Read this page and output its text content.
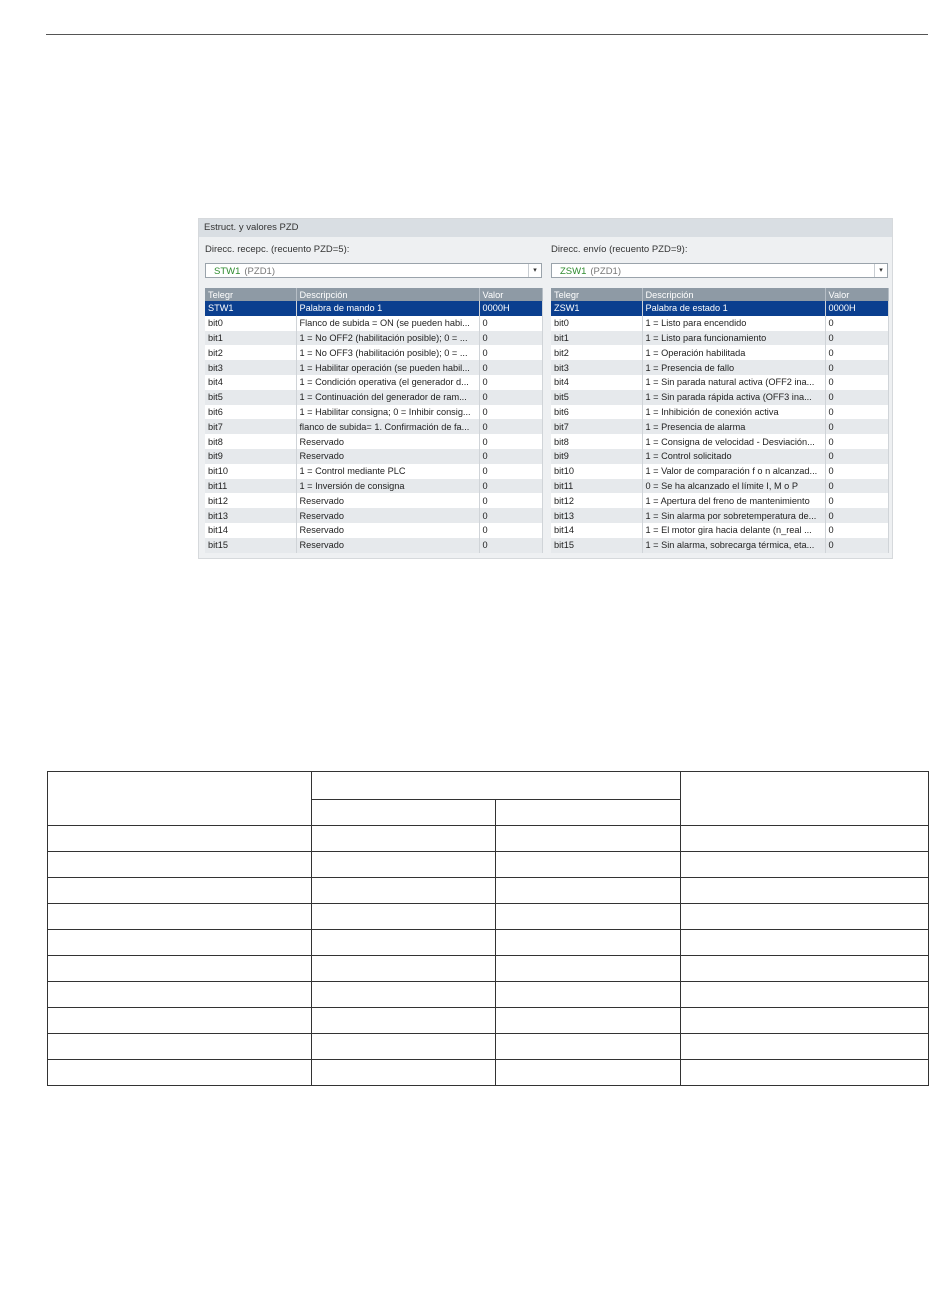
Estruct. y valores PZD
Direcc. recepc. (recuento PZD=5):
STW1 (PZD1)	▾
Telegr	Descripción	Valor
STW1	Palabra de mando 1	0000H
bit0	Flanco de subida = ON (se pueden habi...	0
bit1	1 = No OFF2 (habilitación posible); 0 = ...	0
bit2	1 = No OFF3 (habilitación posible); 0 = ...	0
bit3	1 = Habilitar operación (se pueden habil...	0
bit4	1 = Condición operativa (el generador d...	0
bit5	1 = Continuación del generador de ram...	0
bit6	1 = Habilitar consigna; 0 = Inhibir consig...	0
bit7	flanco de subida= 1. Confirmación de fa...	0
bit8	Reservado	0
bit9	Reservado	0
bit10	1 = Control mediante PLC	0
bit11	1 = Inversión de consigna	0
bit12	Reservado	0
bit13	Reservado	0
bit14	Reservado	0
bit15	Reservado	0
Direcc. envío (recuento PZD=9):
ZSW1 (PZD1)	▾
Telegr	Descripción	Valor
ZSW1	Palabra de estado 1	0000H
bit0	1 = Listo para encendido	0
bit1	1 = Listo para funcionamiento	0
bit2	1 = Operación habilitada	0
bit3	1 = Presencia de fallo	0
bit4	1 = Sin parada natural activa (OFF2 ina...	0
bit5	1 = Sin parada rápida activa (OFF3 ina...	0
bit6	1 = Inhibición de conexión activa	0
bit7	1 = Presencia de alarma	0
bit8	1 = Consigna de velocidad - Desviación...	0
bit9	1 = Control solicitado	0
bit10	1 = Valor de comparación f o n alcanzad...	0
bit11	0 = Se ha alcanzado el límite I, M o P	0
bit12	1 = Apertura del freno de mantenimiento	0
bit13	1 = Sin alarma por sobretemperatura de...	0
bit14	1 = El motor gira hacia delante (n_real ...	0
bit15	1 = Sin alarma, sobrecarga térmica, eta...	0
